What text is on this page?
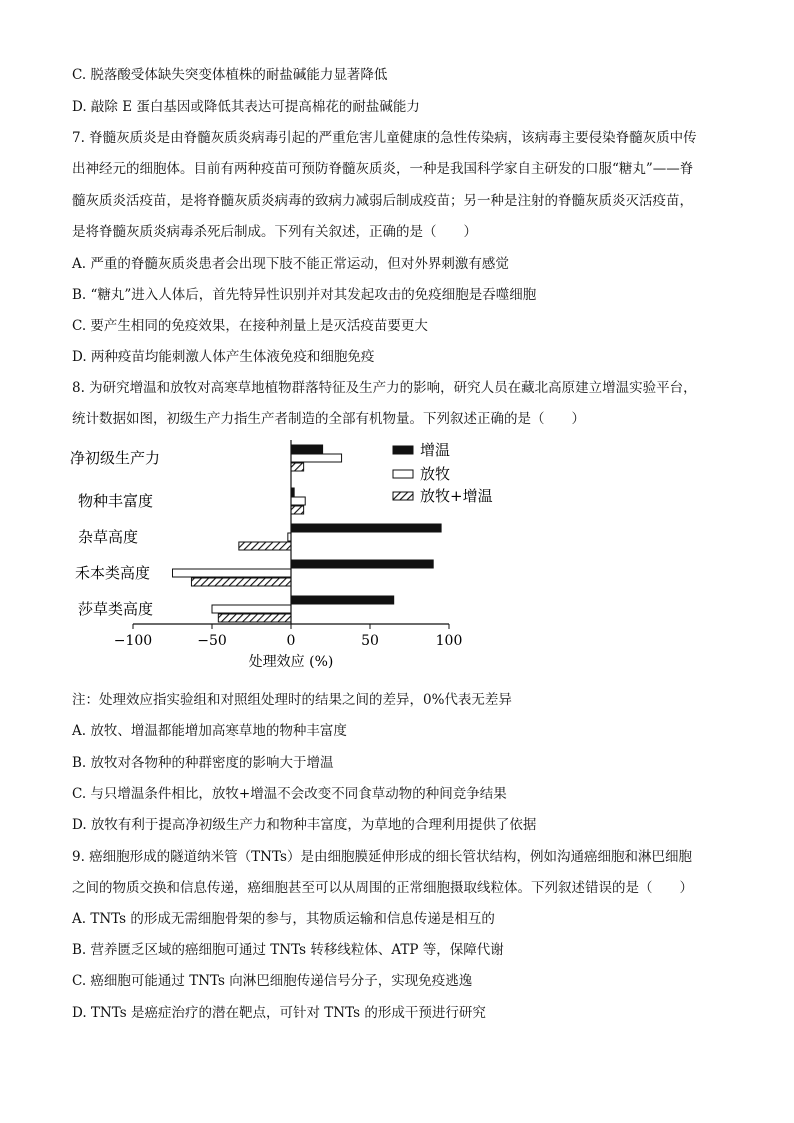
C. 脱落酸受体缺失突变体植株的耐盐碱能力显著降低
D. 敲除 E 蛋白基因或降低其表达可提高棉花的耐盐碱能力
7. 脊髓灰质炎是由脊髓灰质炎病毒引起的严重危害儿童健康的急性传染病，该病毒主要侵染脊髓灰质中传
出神经元的细胞体。目前有两种疫苗可预防脊髓灰质炎，一种是我国科学家自主研发的口服“糖丸”——脊
髓灰质炎活疫苗，是将脊髓灰质炎病毒的致病力减弱后制成疫苗；另一种是注射的脊髓灰质炎灭活疫苗，
是将脊髓灰质炎病毒杀死后制成。下列有关叙述，正确的是（　　）
A. 严重的脊髓灰质炎患者会出现下肢不能正常运动，但对外界刺激有感觉
B. “糖丸”进入人体后，首先特异性识别并对其发起攻击的免疫细胞是吞噬细胞
C. 要产生相同的免疫效果，在接种剂量上是灭活疫苗要更大
D. 两种疫苗均能刺激人体产生体液免疫和细胞免疫
8. 为研究增温和放牧对高寒草地植物群落特征及生产力的影响，研究人员在藏北高原建立增温实验平台，
统计数据如图，初级生产力指生产者制造的全部有机物量。下列叙述正确的是（　　）
注：处理效应指实验组和对照组处理时的结果之间的差异，0%代表无差异
A. 放牧、增温都能增加高寒草地的物种丰富度
B. 放牧对各物种的种群密度的影响大于增温
C. 与只增温条件相比，放牧+增温不会改变不同食草动物的种间竞争结果
D. 放牧有利于提高净初级生产力和物种丰富度，为草地的合理利用提供了依据
9. 癌细胞形成的隧道纳米管（TNTs）是由细胞膜延伸形成的细长管状结构，例如沟通癌细胞和淋巴细胞
之间的物质交换和信息传递，癌细胞甚至可以从周围的正常细胞摄取线粒体。下列叙述错误的是（　　）
A. TNTs 的形成无需细胞骨架的参与，其物质运输和信息传递是相互的
B. 营养匮乏区域的癌细胞可通过 TNTs 转移线粒体、ATP 等，保障代谢
C. 癌细胞可能通过 TNTs 向淋巴细胞传递信号分子，实现免疫逃逸
D. TNTs 是癌症治疗的潜在靶点，可针对 TNTs 的形成干预进行研究
净初级生产力
物种丰富度
杂草高度
禾本类高度
莎草类高度
−100	−50	0	50	100
增温
放牧
放牧+增温
处理效应 (%)
